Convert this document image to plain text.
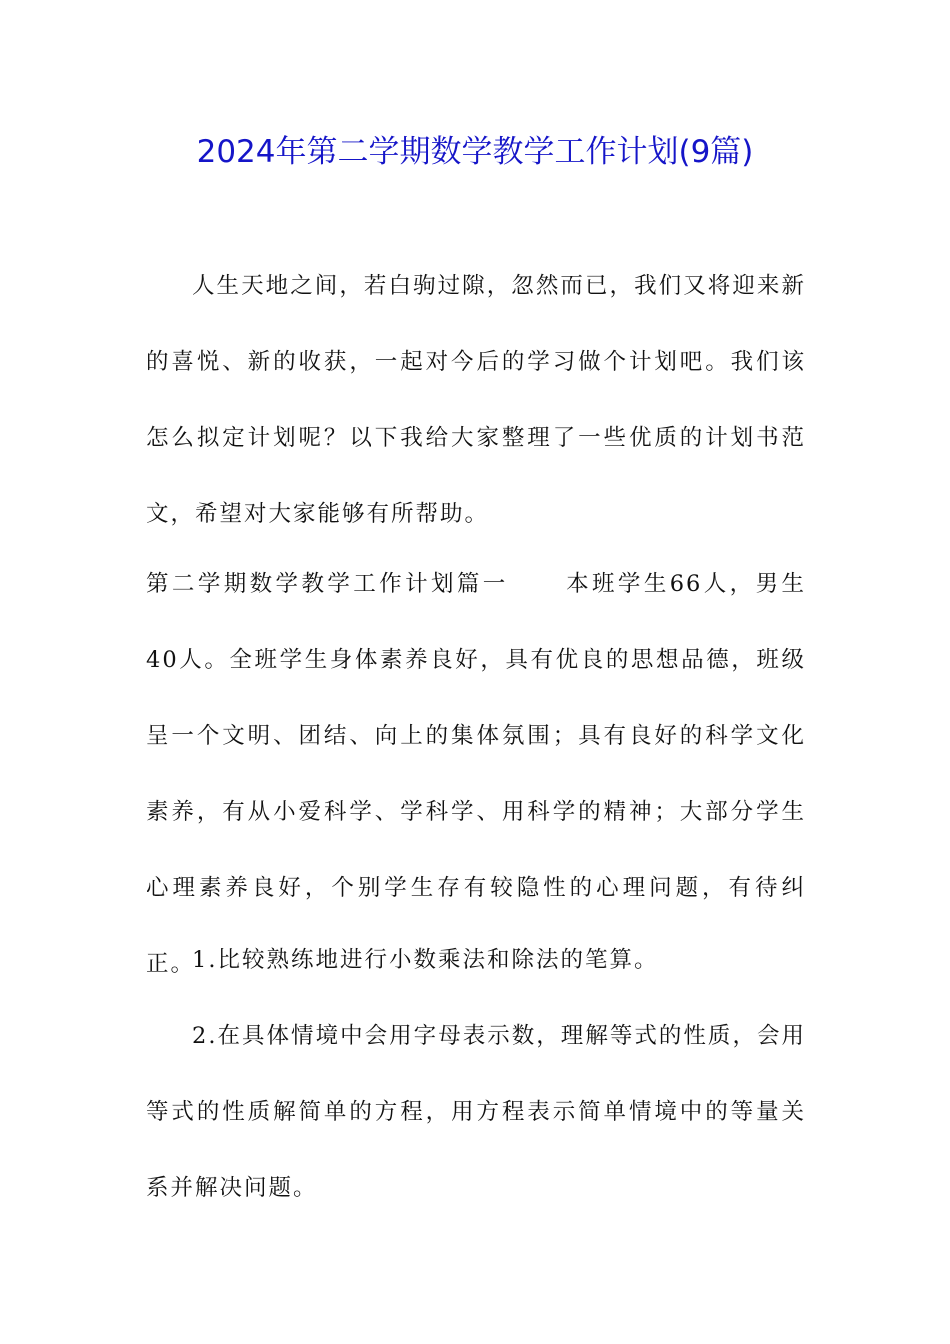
2024年第二学期数学教学工作计划(9篇)

人生天地之间，若白驹过隙，忽然而已，我们又将迎来新的喜悦、新的收获，一起对今后的学习做个计划吧。我们该怎么拟定计划呢？以下我给大家整理了一些优质的计划书范文，希望对大家能够有所帮助。

第二学期数学教学工作计划篇一 本班学生66人，男生40人。全班学生身体素养良好，具有优良的思想品德，班级呈一个文明、团结、向上的集体氛围；具有良好的科学文化素养，有从小爱科学、学科学、用科学的精神；大部分学生心理素养良好，个别学生存有较隐性的心理问题，有待纠正。

1.比较熟练地进行小数乘法和除法的笔算。

2.在具体情境中会用字母表示数，理解等式的性质，会用等式的性质解简单的方程，用方程表示简单情境中的等量关系并解决问题。
